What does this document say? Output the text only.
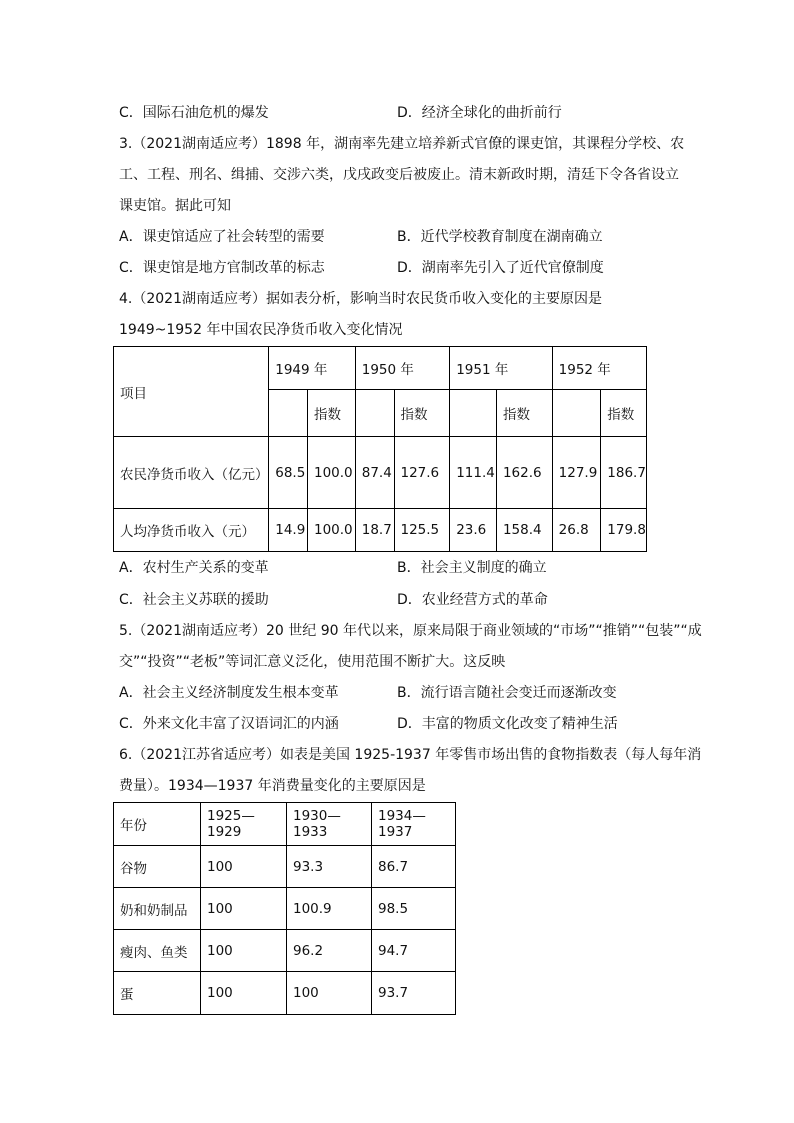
C．国际石油危机的爆发	D．经济全球化的曲折前行
3.（2021湖南适应考）1898 年，湖南率先建立培养新式官僚的课吏馆，其课程分学校、农
工、工程、刑名、缉捕、交涉六类，戊戌政变后被废止。清末新政时期，清廷下令各省设立
课吏馆。据此可知
A．课吏馆适应了社会转型的需要	B．近代学校教育制度在湖南确立
C．课吏馆是地方官制改革的标志	D．湖南率先引入了近代官僚制度
4.（2021湖南适应考）据如表分析，影响当时农民货币收入变化的主要原因是
1949~1952 年中国农民净货币收入变化情况
项目	1949 年		1950 年		1951 年		1952 年	
		指数		指数		指数		指数
农民净货币收入（亿元）	68.5	100.0	87.4	127.6	111.4	162.6	127.9	186.7
人均净货币收入（元）	14.9	100.0	18.7	125.5	23.6	158.4	26.8	179.8
A．农村生产关系的变革	B．社会主义制度的确立
C．社会主义苏联的援助	D．农业经营方式的革命
5.（2021湖南适应考）20 世纪 90 年代以来，原来局限于商业领域的“市场”“推销”“包装”“成
交”“投资”“老板”等词汇意义泛化，使用范围不断扩大。这反映
A．社会主义经济制度发生根本变革	B．流行语言随社会变迁而逐渐改变
C．外来文化丰富了汉语词汇的内涵	D．丰富的物质文化改变了精神生活
6.（2021江苏省适应考）如表是美国 1925-1937 年零售市场出售的食物指数表（每人每年消
费量）。1934—1937 年消费量变化的主要原因是
年份	1925—1929	1930—1933	1934—1937
谷物	100	93.3	86.7
奶和奶制品	100	100.9	98.5
瘦肉、鱼类	100	96.2	94.7
蛋	100	100	93.7
